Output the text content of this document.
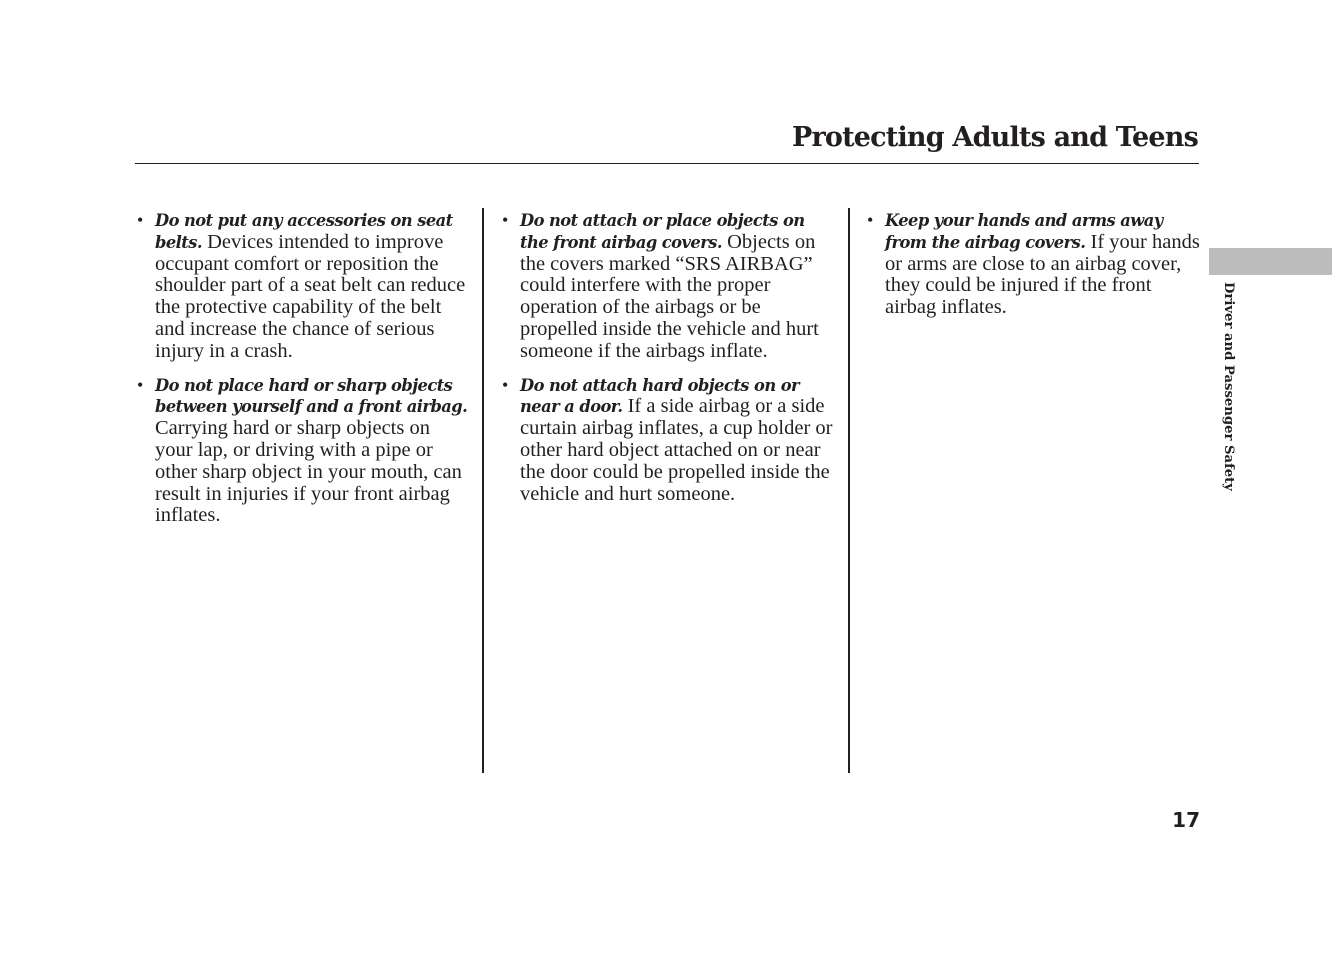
Protecting Adults and Teens

• Do not put any accessories on seat belts. Devices intended to improve occupant comfort or reposition the shoulder part of a seat belt can reduce the protective capability of the belt and increase the chance of serious injury in a crash.

• Do not place hard or sharp objects between yourself and a front airbag. Carrying hard or sharp objects on your lap, or driving with a pipe or other sharp object in your mouth, can result in injuries if your front airbag inflates.

• Do not attach or place objects on the front airbag covers. Objects on the covers marked “SRS AIRBAG” could interfere with the proper operation of the airbags or be propelled inside the vehicle and hurt someone if the airbags inflate.

• Do not attach hard objects on or near a door. If a side airbag or a side curtain airbag inflates, a cup holder or other hard object attached on or near the door could be propelled inside the vehicle and hurt someone.

• Keep your hands and arms away from the airbag covers. If your hands or arms are close to an airbag cover, they could be injured if the front airbag inflates.	Driver and Passenger Safety
17
